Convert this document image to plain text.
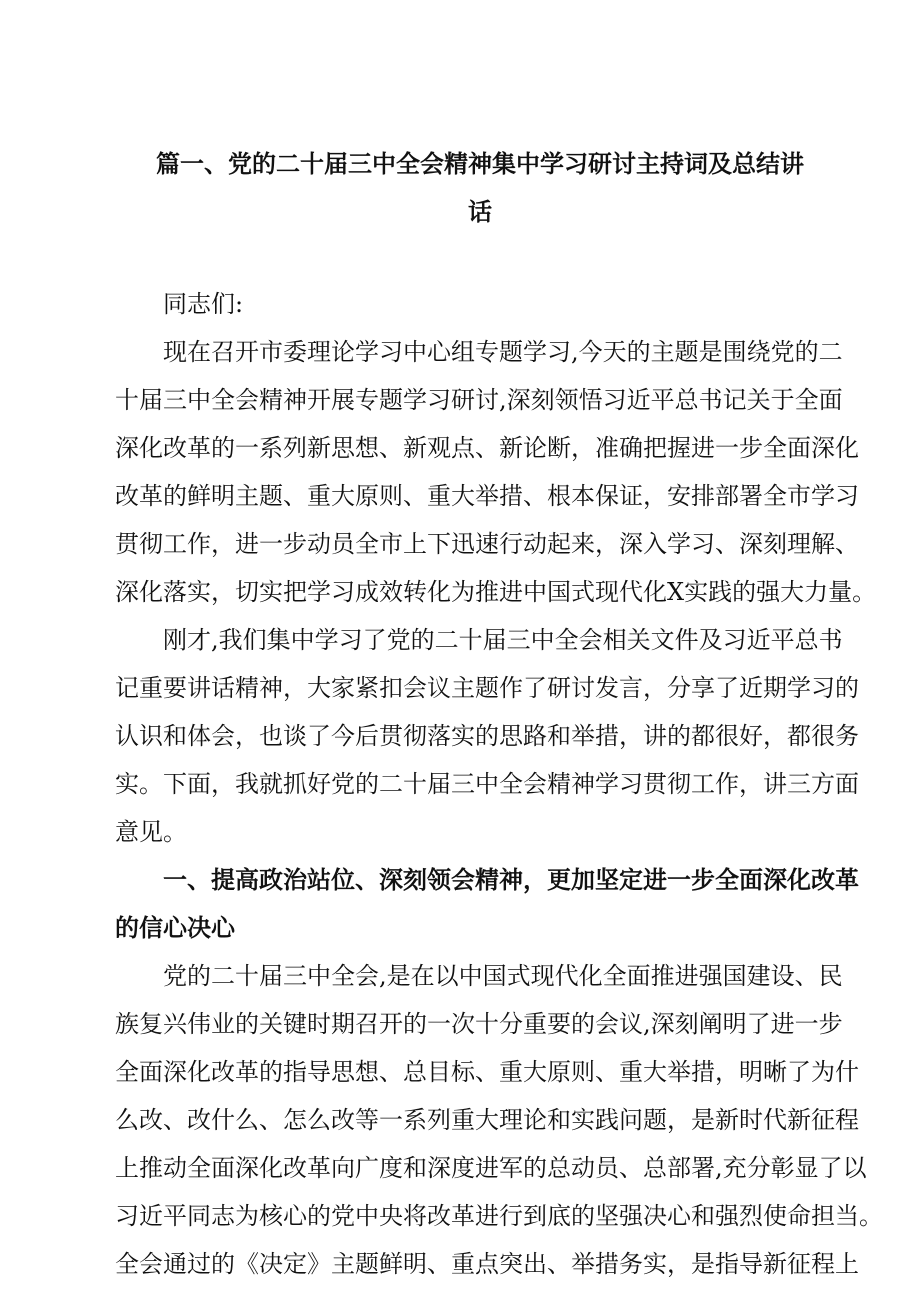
篇一、党的二十届三中全会精神集中学习研讨主持词及总结讲
话

同志们:

现在召开市委理论学习中心组专题学习,今天的主题是围绕党的二

十届三中全会精神开展专题学习研讨,深刻领悟习近平总书记关于全面

深化改革的一系列新思想、新观点、新论断，准确把握进一步全面深化

改革的鲜明主题、重大原则、重大举措、根本保证，安排部署全市学习

贯彻工作，进一步动员全市上下迅速行动起来，深入学习、深刻理解、

深化落实，切实把学习成效转化为推进中国式现代化X实践的强大力量。

刚才,我们集中学习了党的二十届三中全会相关文件及习近平总书

记重要讲话精神，大家紧扣会议主题作了研讨发言，分享了近期学习的

认识和体会，也谈了今后贯彻落实的思路和举措，讲的都很好，都很务

实。下面，我就抓好党的二十届三中全会精神学习贯彻工作，讲三方面

意见。

一、提高政治站位、深刻领会精神，更加坚定进一步全面深化改革

的信心决心

党的二十届三中全会,是在以中国式现代化全面推进强国建设、民

族复兴伟业的关键时期召开的一次十分重要的会议,深刻阐明了进一步

全面深化改革的指导思想、总目标、重大原则、重大举措，明晰了为什

么改、改什么、怎么改等一系列重大理论和实践问题，是新时代新征程

上推动全面深化改革向广度和深度进军的总动员、总部署,充分彰显了以

习近平同志为核心的党中央将改革进行到底的坚强决心和强烈使命担当。

全会通过的《决定》主题鲜明、重点突出、举措务实，是指导新征程上
